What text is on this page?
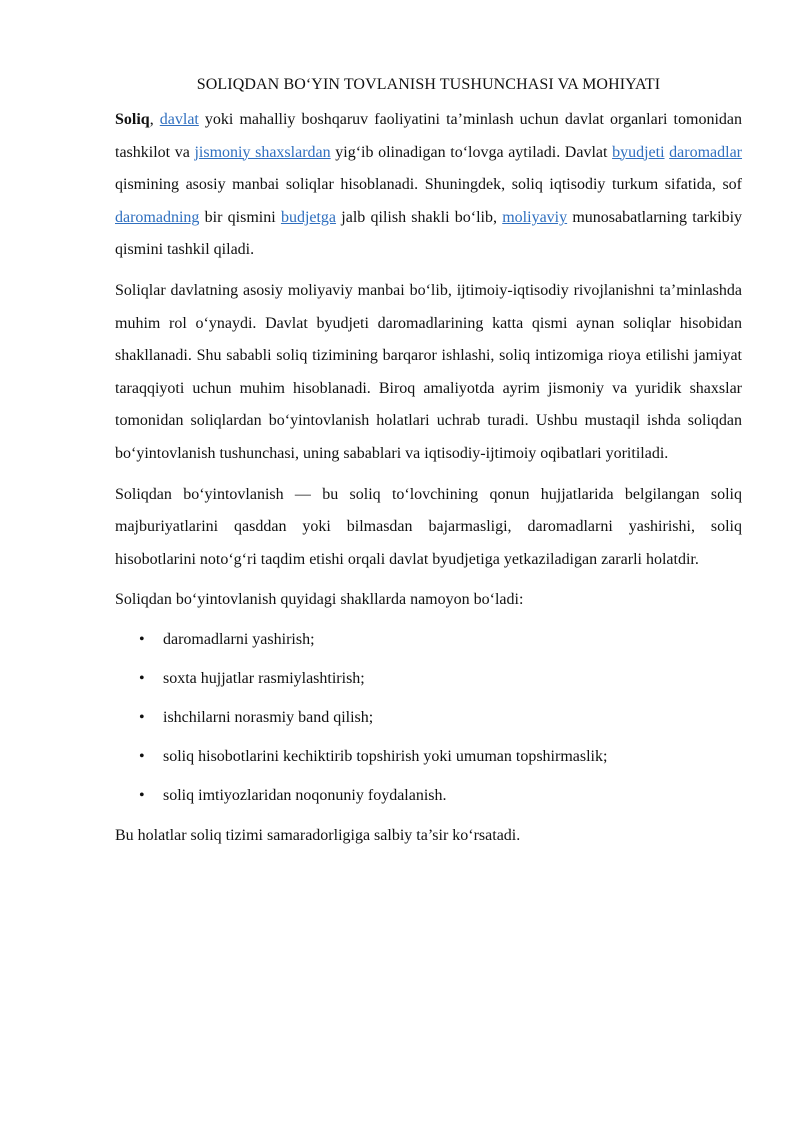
SOLIQDAN BO‘YIN TOVLANISH TUSHUNCHASI VA MOHIYATI

Soliq, davlat yoki mahalliy boshqaruv faoliyatini ta’minlash uchun davlat organlari tomonidan tashkilot va jismoniy shaxslardan yig‘ib olinadigan to‘lovga aytiladi. Davlat byudjeti daromadlar qismining asosiy manbai soliqlar hisoblanadi. Shuningdek, soliq iqtisodiy turkum sifatida, sof daromadning bir qismini budjetga jalb qilish shakli bo‘lib, moliyaviy munosabatlarning tarkibiy qismini tashkil qiladi.

Soliqlar davlatning asosiy moliyaviy manbai bo‘lib, ijtimoiy-iqtisodiy rivojlanishni ta’minlashda muhim rol o‘ynaydi. Davlat byudjeti daromadlarining katta qismi aynan soliqlar hisobidan shakllanadi. Shu sababli soliq tizimining barqaror ishlashi, soliq intizomiga rioya etilishi jamiyat taraqqiyoti uchun muhim hisoblanadi. Biroq amaliyotda ayrim jismoniy va yuridik shaxslar tomonidan soliqlardan bo‘yintovlanish holatlari uchrab turadi. Ushbu mustaqil ishda soliqdan bo‘yintovlanish tushunchasi, uning sabablari va iqtisodiy-ijtimoiy oqibatlari yoritiladi.

Soliqdan bo‘yintovlanish — bu soliq to‘lovchining qonun hujjatlarida belgilangan soliq majburiyatlarini qasddan yoki bilmasdan bajarmasligi, daromadlarni yashirishi, soliq hisobotlarini noto‘g‘ri taqdim etishi orqali davlat byudjetiga yetkaziladigan zararli holatdir.

Soliqdan bo‘yintovlanish quyidagi shakllarda namoyon bo‘ladi:

• daromadlarni yashirish;
• soxta hujjatlar rasmiylashtirish;
• ishchilarni norasmiy band qilish;
• soliq hisobotlarini kechiktirib topshirish yoki umuman topshirmaslik;
• soliq imtiyozlaridan noqonuniy foydalanish.

Bu holatlar soliq tizimi samaradorligiga salbiy ta’sir ko‘rsatadi.
